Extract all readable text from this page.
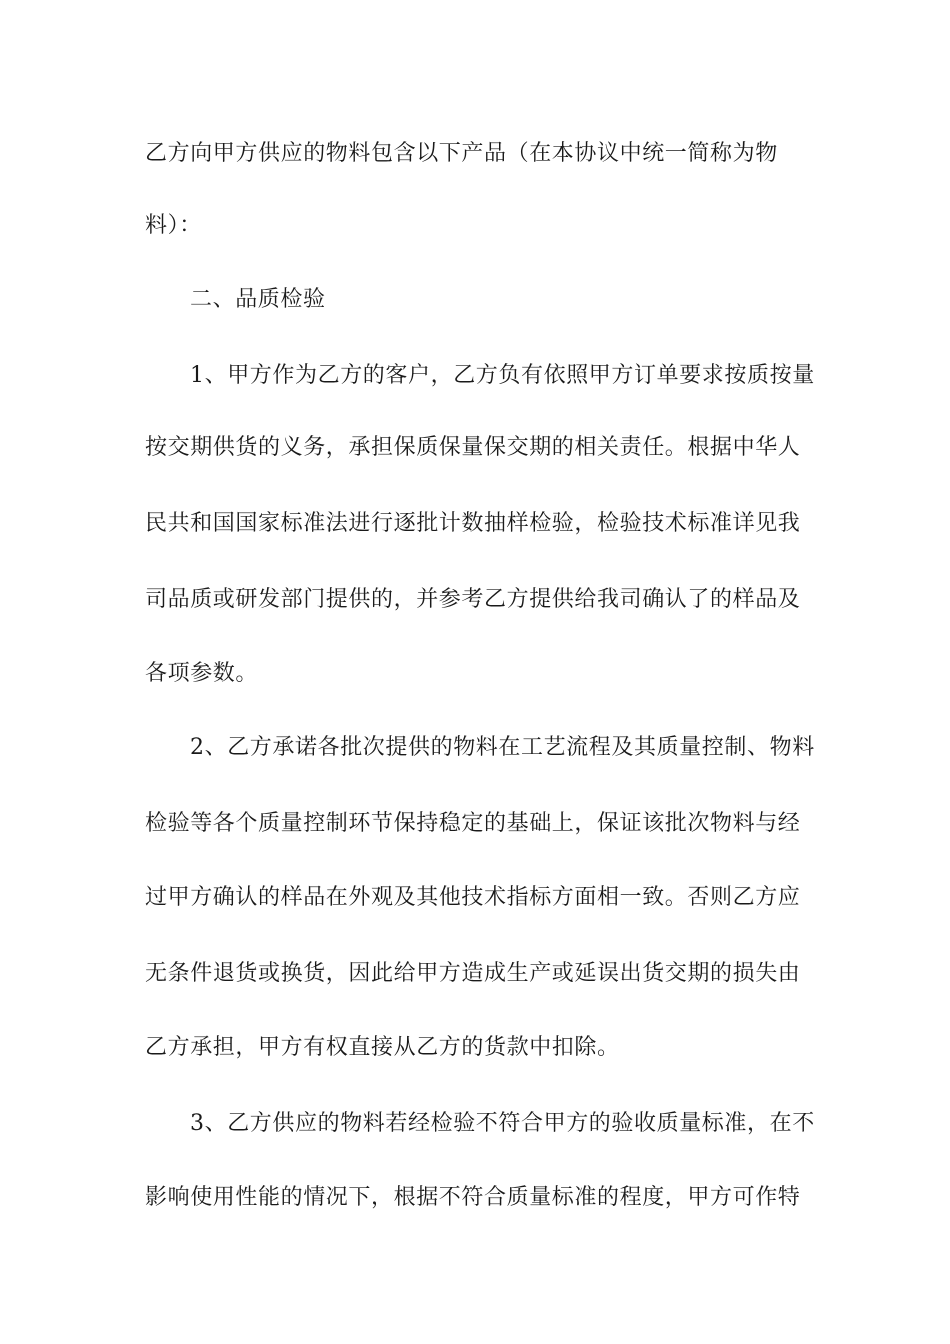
乙方向甲方供应的物料包含以下产品（在本协议中统一简称为物
料）：
二、品质检验
1、甲方作为乙方的客户，乙方负有依照甲方订单要求按质按量
按交期供货的义务，承担保质保量保交期的相关责任。根据中华人
民共和国国家标准法进行逐批计数抽样检验，检验技术标准详见我
司品质或研发部门提供的，并参考乙方提供给我司确认了的样品及
各项参数。
2、乙方承诺各批次提供的物料在工艺流程及其质量控制、物料
检验等各个质量控制环节保持稳定的基础上，保证该批次物料与经
过甲方确认的样品在外观及其他技术指标方面相一致。否则乙方应
无条件退货或换货，因此给甲方造成生产或延误出货交期的损失由
乙方承担，甲方有权直接从乙方的货款中扣除。
3、乙方供应的物料若经检验不符合甲方的验收质量标准，在不
影响使用性能的情况下，根据不符合质量标准的程度，甲方可作特
